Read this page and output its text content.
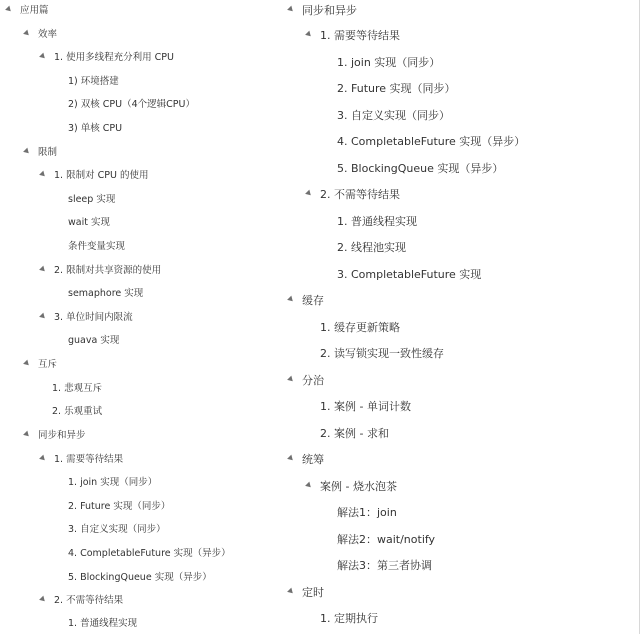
应用篇
效率
1. 使用多线程充分利用 CPU
1) 环境搭建
2) 双核 CPU（4个逻辑CPU）
3) 单核 CPU
限制
1. 限制对 CPU 的使用
sleep 实现
wait 实现
条件变量实现
2. 限制对共享资源的使用
semaphore 实现
3. 单位时间内限流
guava 实现
互斥
1. 悲观互斥
2. 乐观重试
同步和异步
1. 需要等待结果
1. join 实现（同步）
2. Future 实现（同步）
3. 自定义实现（同步）
4. CompletableFuture 实现（异步）
5. BlockingQueue 实现（异步）
2. 不需等待结果
1. 普通线程实现
同步和异步
1. 需要等待结果
1. join 实现（同步）
2. Future 实现（同步）
3. 自定义实现（同步）
4. CompletableFuture 实现（异步）
5. BlockingQueue 实现（异步）
2. 不需等待结果
1. 普通线程实现
2. 线程池实现
3. CompletableFuture 实现
缓存
1. 缓存更新策略
2. 读写锁实现一致性缓存
分治
1. 案例 - 单词计数
2. 案例 - 求和
统筹
案例 - 烧水泡茶
解法1：join
解法2：wait/notify
解法3：第三者协调
定时
1. 定期执行
